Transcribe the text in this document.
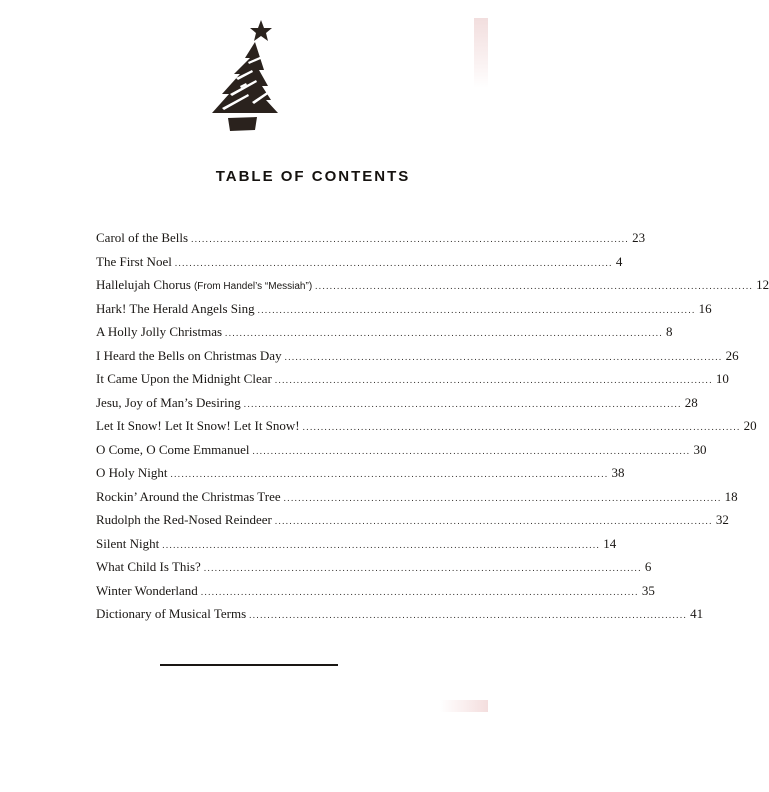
TABLE OF CONTENTS
Carol of the Bells ........................................................................................................................ 23
The First Noel ........................................................................................................................ 4
Hallelujah Chorus (From Handel’s “Messiah”) ........................................................................................................................ 12
Hark! The Herald Angels Sing ........................................................................................................................ 16
A Holly Jolly Christmas ........................................................................................................................ 8
I Heard the Bells on Christmas Day ........................................................................................................................ 26
It Came Upon the Midnight Clear ........................................................................................................................ 10
Jesu, Joy of Man’s Desiring ........................................................................................................................ 28
Let It Snow! Let It Snow! Let It Snow! ........................................................................................................................ 20
O Come, O Come Emmanuel ........................................................................................................................ 30
O Holy Night ........................................................................................................................ 38
Rockin’ Around the Christmas Tree ........................................................................................................................ 18
Rudolph the Red-Nosed Reindeer ........................................................................................................................ 32
Silent Night ........................................................................................................................ 14
What Child Is This? ........................................................................................................................ 6
Winter Wonderland ........................................................................................................................ 35
Dictionary of Musical Terms ........................................................................................................................ 41
